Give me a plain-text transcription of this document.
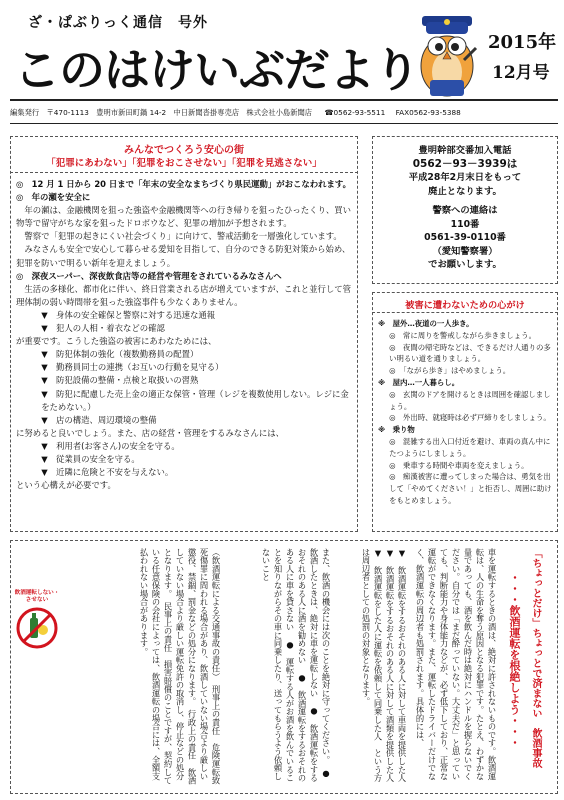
ざ・ぱぶりっく通信　号外
このはけいぶだより
2015年
12月号
編集発行　〒470-1113　豊明市新田町鍋 14-2　中日新聞沓掛専売店　株式会社小島新聞店 ☎0562-93-5511 FAX0562-93-5388
みんなでつくろう安心の街
「犯罪にあわない」「犯罪をおこさせない」「犯罪を見逃さない」
◎　12 月 1 日から 20 日まで「年末の安全なまちづくり県民運動」がおこなわれます。
◎　年の瀬を安全に
年の瀬は、金融機関を狙った強盗や金融機関等への行き帰りを狙ったひったくり、買い物等で留守がちな家を狙ったドロボウなど、犯罪の増加が予想されます。
警察で「犯罪の起きにくい社会づくり」に向けて、警戒活動を一層強化しています。
みなさんも安全で安心して暮らせる愛知を目指して、自分のできる防犯対策から始め、犯罪を防いで明るい新年を迎えましょう。
◎　深夜スーパー、深夜飲食店等の経営や管理をされているみなさんへ
生活の多様化、都市化に伴い、終日営業される店が増えていますが、これと並行して管理体制の弱い時間帯を狙った強盗事件も少なくありません。
▼　身体の安全確保と警察に対する迅速な通報
▼　犯人の人相・着衣などの確認
が重要です。こうした強盗の被害にあわなためには、
▼　防犯体制の強化（複数勤務員の配置）
▼　勤務員同士の連携（お互いの行動を見守る）
▼　防犯設備の整備・点検と取扱いの習熟
▼　防犯に配慮した売上金の適正な保管・管理（レジを複数使用しない。レジに金をためない。）
▼　店の構造、周辺環境の整備
に努めると良いでしょう。また、店の経営・管理をするみなさんには、
▼　利用者(お客さん)の安全を守る。
▼　従業員の安全を守る。
▼　近隣に危険と不安を与えない。
という心構えが必要です。
豊明幹部交番加入電話
0562－93－3939は
平成28年2月末日をもって
廃止となります。
警察への連絡は
110番
0561-39-0110番
（愛知警察署）
でお願いします。
被害に遭わないための心がけ
※　屋外…夜道の一人歩き。
◎　常に周りを警戒しながら歩きましょう。
◎　夜間の帰宅時などは、できるだけ人通りの多い明るい道を通りましょう。
◎　「ながら歩き」はやめましょう。
※　屋内…一人暮らし。
◎　玄関のドアを開けるときは周囲を確認しましょう。
◎　外出時、就寝時は必ず戸締りをしましょう。
※　乗り物
◎　混雑する出入口付近を避け、車両の真ん中にたつようにしましょう。
◎　乗車する時間や車両を変えましょう。
◎　痴漢被害に遭ってしまった場合は、勇気を出して「やめてください！」と拒否し、周囲に助けをもとめましょう。
「ちょっとだけ」ちょっとで済まない　飲酒事故
・・・飲酒運転を根絶しよう・・・
車を運転するときの酒は、絶対に許されないものです。飲酒運転は、人の生命を奪う原因となる犯罪です。たとえ、わずかな量であっても、酒を飲んだ時は絶対にハンドルを握らないでください。自分では「まだ酔っていない。大丈夫だ」と思っていても、判断能力や身体能力などが、必ず低下しており、正常な運転ができなくなります。また、運転したドライバーだけでなく、飲酒運転の周辺者も処罰されます。具体的には、
▼　飲酒運転をするおそれのある人に対して車両を提供した人　▼　飲酒運転をするおそれのある人に対して酒類を提供した人　▼　飲酒運転をした人に運転を依頼して同乗した人　という方は周辺者としての処罰の対象となります。
また、飲酒の機会には次のことを絶対に守ってください。　●　飲酒したときは、絶対に車を運転しない　●　飲酒運転をするおそれのある人に酒を勧めない　●　飲酒運転をするおそれのある人に車を貸さない　●　運転する人がお酒を飲んでいることを知りながらその車に同乗したり、送ってもらうよう依頼しないこと
（飲酒運転による交通事故の責任）　刑事上の責任　危険運転致死傷罪に問われる場合があり、飲酒していない場合より厳しい懲役、禁錮、罰金などの処分になります。　行政上の責任　飲酒していない場合より厳しい運転免許の取消し、停止などの処分となります。　民事上の責任　損害賠償のことですが、契約している任意保険の会社によっては、飲酒運転の場合には、全額支払われない場合があります。
飲酒運転しない・させない
